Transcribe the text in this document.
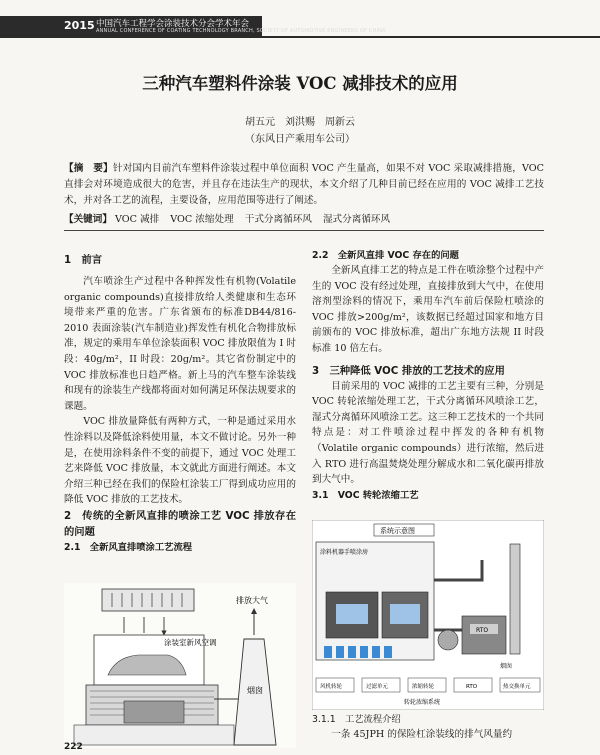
2015 中国汽车工程学会涂装技术分会学术年会
ANNUAL CONFERENCE OF COATING TECHNOLOGY BRANCH, SOCIETY OF AUTOMOTIVE ENGINEERS OF CHINA
三种汽车塑料件涂装 VOC 减排技术的应用
胡五元　刘洪赐　周新云
（东风日产乘用车公司）
【摘　要】针对国内目前汽车塑料件涂装过程中单位面积 VOC 产生量高，如果不对 VOC 采取减排措施，VOC 直排会对环境造成很大的危害，并且存在违法生产的现状，本文介绍了几种目前已经在应用的 VOC 减排工艺技术，并对各工艺的流程，主要设备，应用范围等进行了阐述。
【关键词】 VOC 减排 VOC 浓缩处理 干式分离循环风 湿式分离循环风
1　前言

汽车喷涂生产过程中各种挥发性有机物(Volatile organic compounds)直接排放给人类健康和生态环境带来严重的危害。广东省颁布的标准DB44/816-2010 表面涂装(汽车制造业)挥发性有机化合物排放标准，规定的乘用车单位涂装面积 VOC 排放限值为 I 时段：40g/m²，II 时段：20g/m²。其它省份制定中的 VOC 排放标准也日趋严格。新上马的汽车整车涂装线和现有的涂装生产线都将面对如何满足环保法规要求的课题。

VOC 排放量降低有两种方式，一种是通过采用水性涂料以及降低涂料使用量，本文不做讨论。另外一种是，在使用涂料条件不变的前提下，通过 VOC 处理工艺来降低 VOC 排放量，本文就此方面进行阐述。本文介绍三种已经在我们的保险杠涂装工厂得到成功应用的降低 VOC 排放的工艺技术。

2　传统的全新风直排的喷涂工艺 VOC 排放存在的问题
2.1　全新风直排喷涂工艺流程
涂装室新风空调
烟囱
排放大气
2.2　全新风直排 VOC 存在的问题

全新风直排工艺的特点是工件在喷涂整个过程中产生的 VOC 没有经过处理，直接排放到大气中，在使用溶剂型涂料的情况下，乘用车汽车前后保险杠喷涂的 VOC 排放>200g/m²，该数据已经超过国家和地方目前颁布的 VOC 排放标准，超出广东地方法规 II 时段标准 10 倍左右。

3　三种降低 VOC 排放的工艺技术的应用

目前采用的 VOC 减排的工艺主要有三种，分别是 VOC 转轮浓缩处理工艺，干式分离循环风喷涂工艺，湿式分离循环风喷涂工艺。这三种工艺技术的一个共同特点是：对工件喷涂过程中挥发的各种有机物（Volatile organic compounds）进行浓缩，然后进入 RTO 进行高温焚烧处理分解成水和二氧化碳再排放到大气中。

3.1　VOC 转轮浓缩工艺
系统示意图
涂料机器手喷涂房
RTO
烟囱
风机转轮	过滤单元	浓缩转轮	RTO	热交换单元
转轮浓缩系统
3.1.1　工艺流程介绍

一条 45JPH 的保险杠涂装线的排气风量约

222
